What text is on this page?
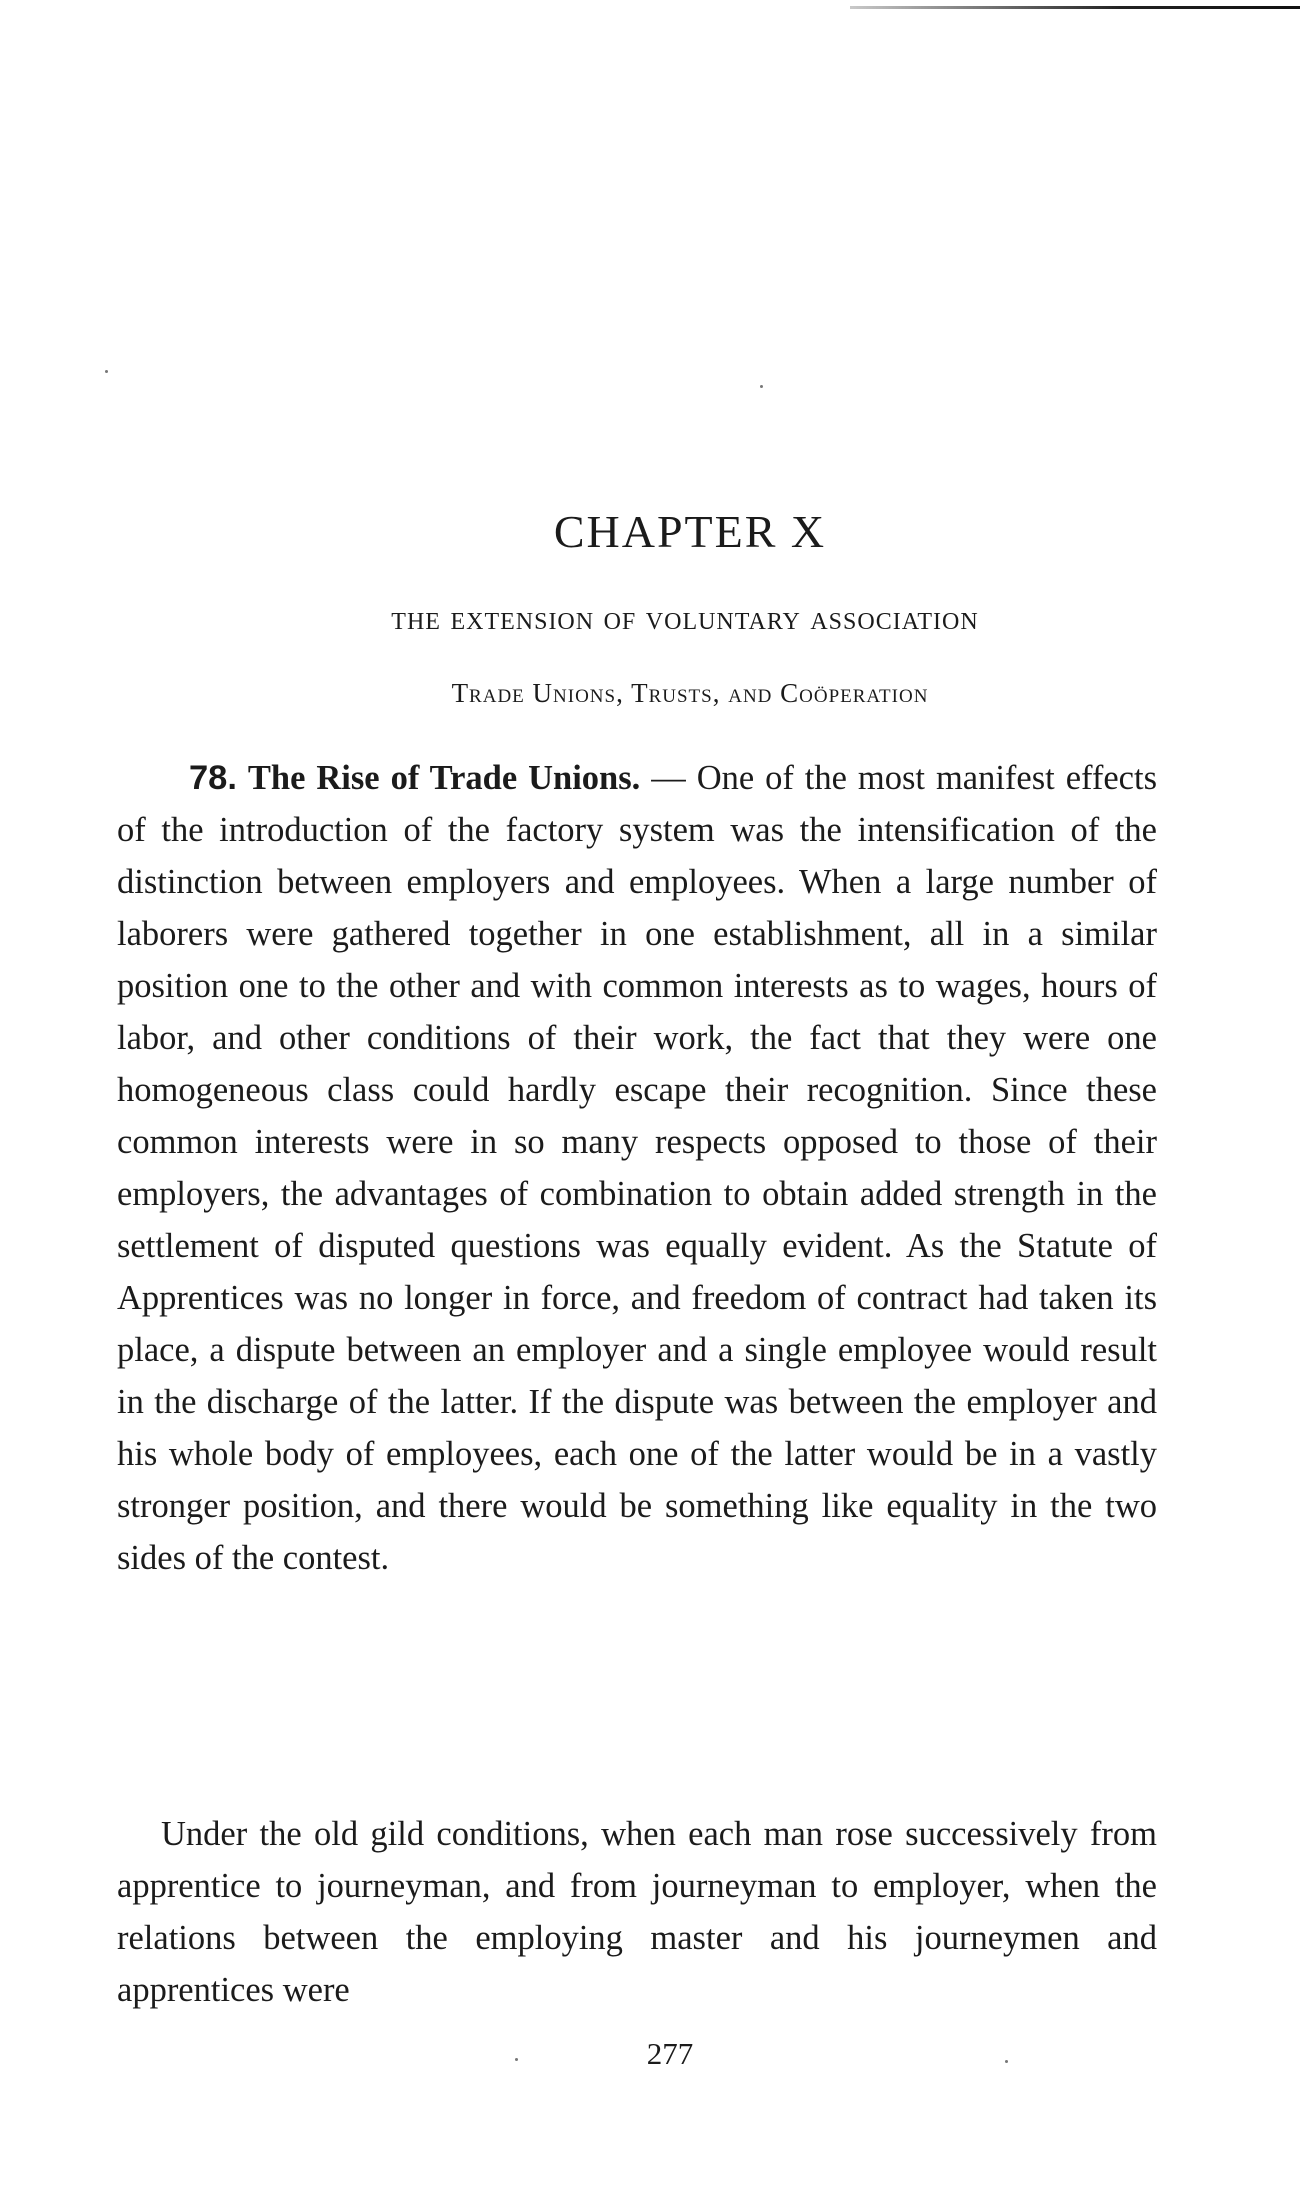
CHAPTER X
the extension of voluntary association
Trade Unions, Trusts, and Coöperation

78. The Rise of Trade Unions. — One of the most manifest effects of the introduction of the factory system was the intensification of the distinction between employers and employees. When a large number of laborers were gathered together in one establishment, all in a similar position one to the other and with common interests as to wages, hours of labor, and other conditions of their work, the fact that they were one homogeneous class could hardly escape their recognition. Since these common interests were in so many respects opposed to those of their employers, the advantages of combination to obtain added strength in the settlement of disputed questions was equally evident. As the Statute of Apprentices was no longer in force, and freedom of contract had taken its place, a dispute between an employer and a single employee would result in the discharge of the latter. If the dispute was between the employer and his whole body of employees, each one of the latter would be in a vastly stronger position, and there would be something like equality in the two sides of the contest.

Under the old gild conditions, when each man rose successively from apprentice to journeyman, and from journeyman to employer, when the relations between the employing master and his journeymen and apprentices were

277
